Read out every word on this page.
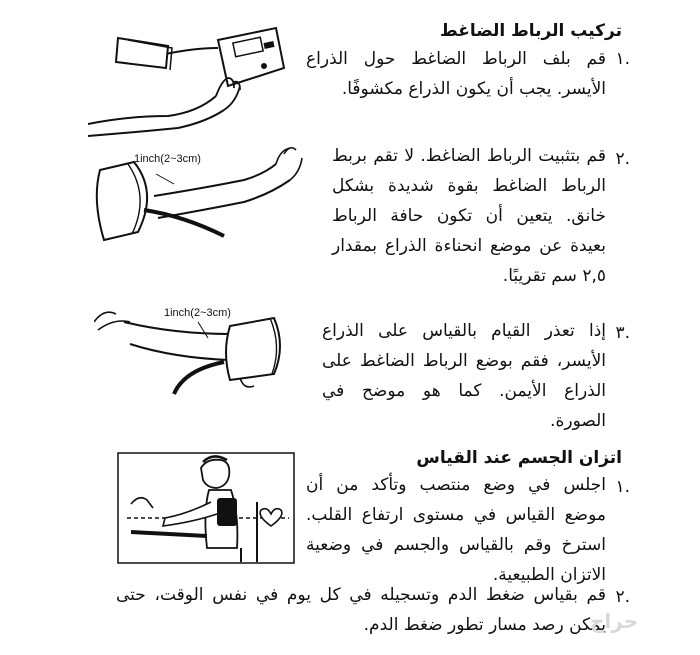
تركيب الرباط الضاغط
.١
قم بلف الرباط الضاغط حول الذراع الأيسر. يجب أن يكون الذراع مكشوفًا.
.٢
قم بتثبيت الرباط الضاغط. لا تقم بربط الرباط الضاغط بقوة شديدة بشكل خانق. يتعين أن تكون حافة الرباط بعيدة عن موضع انحناءة الذراع بمقدار ٢,٥ سم تقريبًا.
.٣
إذا تعذر القيام بالقياس على الذراع الأيسر، فقم بوضع الرباط الضاغط على الذراع الأيمن. كما هو موضح في الصورة.
اتزان الجسم عند القياس
.١
اجلس في وضع منتصب وتأكد من أن موضع القياس في مستوى ارتفاع القلب. استرخ وقم بالقياس والجسم في وضعية الاتزان الطبيعية.
.٢
قم بقياس ضغط الدم وتسجيله في كل يوم في نفس الوقت، حتى يمكن رصد مسار تطور ضغط الدم.
1inch(2~3cm)
1inch(2~3cm)
حراج
